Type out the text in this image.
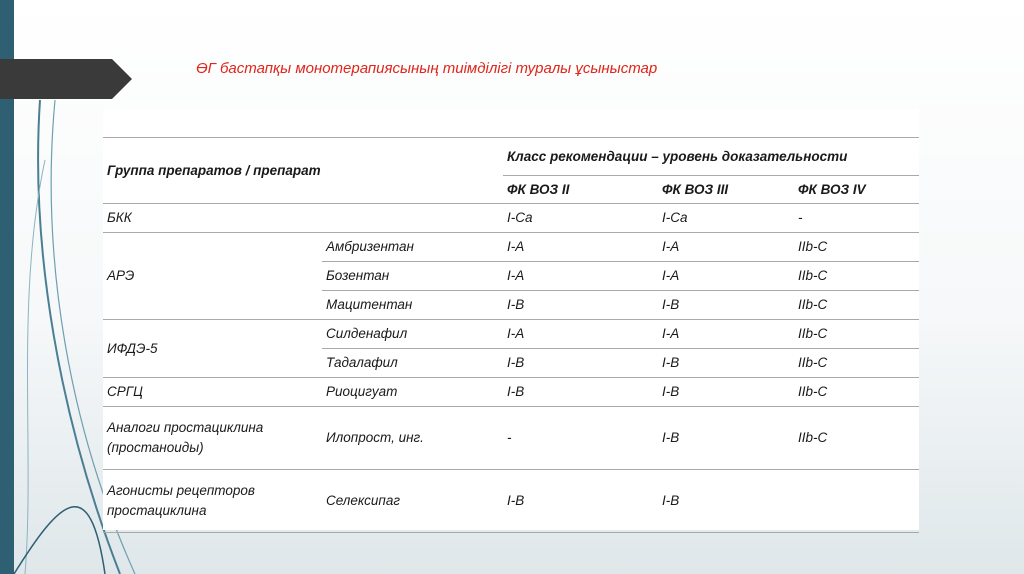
ӨГ бастапқы монотерапиясының тиімділігі туралы ұсыныстар

Группа препаратов / препарат		Класс рекомендации – уровень доказательности		
		ФК ВОЗ II	ФК ВОЗ III	ФК ВОЗ IV
БКК		I-Ca	I-Ca	-
АРЭ	Амбризентан	I-A	I-A	IIb-C
	Бозентан	I-A	I-A	IIb-C
	Мацитентан	I-B	I-B	IIb-C
ИФДЭ-5	Силденафил	I-A	I-A	IIb-C
	Тадалафил	I-B	I-B	IIb-C
СРГЦ	Риоцигуат	I-B	I-B	IIb-C
Аналоги простациклина (простаноиды)	Илопрост, инг.	-	I-B	IIb-C
Агонисты рецепторов простациклина	Селексипаг	I-B	I-B	
